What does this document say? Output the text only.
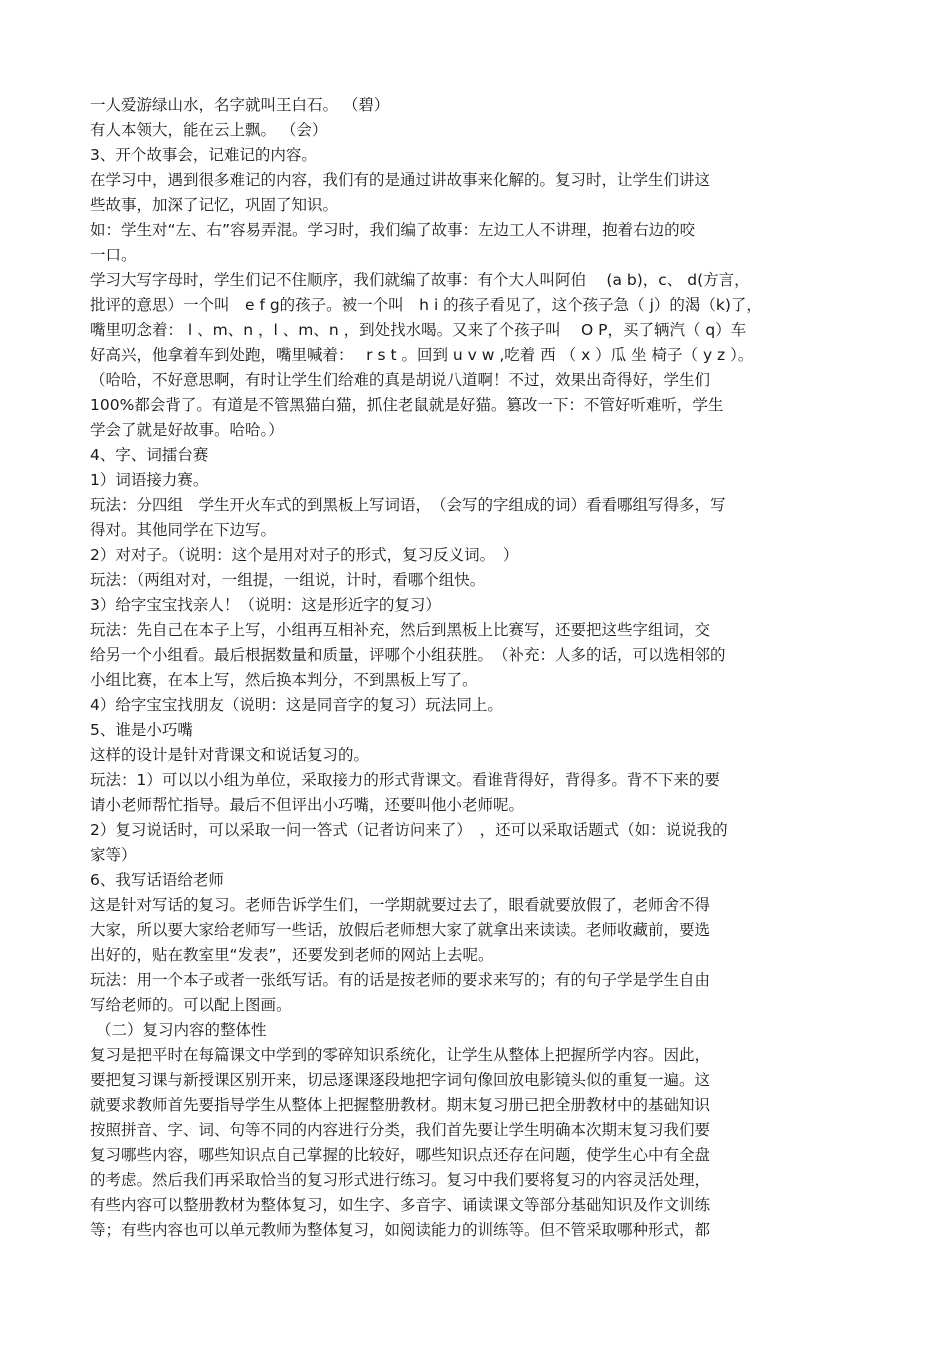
一人爱游绿山水，名字就叫王白石。 （碧）
有人本领大，能在云上飘。 （会）
3、开个故事会，记难记的内容。
在学习中，遇到很多难记的内容，我们有的是通过讲故事来化解的。复习时，让学生们讲这
些故事，加深了记忆，巩固了知识。
如：学生对“左、右”容易弄混。学习时，我们编了故事：左边工人不讲理，抱着右边的咬
一口。
学习大写字母时，学生们记不住顺序，我们就编了故事：有个大人叫阿伯　 (a b)，c、 d(方言，
批评的意思）一个叫　e f g的孩子。被一个叫　h i 的孩子看见了，这个孩子急（ j）的渴（k)了，
嘴里叨念着： l 、m、n ，l 、m、n ，到处找水喝。又来了个孩子叫　 O P，买了辆汽（ q）车
好高兴，他拿着车到处跑，嘴里喊着：　 r s t 。回到 u v w ,吃着 西 （ x ）瓜 坐 椅子（ y z ）。
（哈哈，不好意思啊，有时让学生们给难的真是胡说八道啊！不过，效果出奇得好，学生们
100%都会背了。有道是不管黑猫白猫，抓住老鼠就是好猫。篡改一下：不管好听难听，学生
学会了就是好故事。哈哈。）
4、字、词擂台赛
1）词语接力赛。
玩法：分四组　学生开火车式的到黑板上写词语，　（会写的字组成的词）看看哪组写得多，写
得对。其他同学在下边写。
2）对对子。（说明：这个是用对对子的形式，复习反义词。　）
玩法：（两组对对，一组提，一组说，计时，看哪个组快。
3）给字宝宝找亲人！（说明：这是形近字的复习）
玩法：先自己在本子上写，小组再互相补充，然后到黑板上比赛写，还要把这些字组词，交
给另一个小组看。最后根据数量和质量，评哪个小组获胜。　（补充：人多的话，可以选相邻的
小组比赛，在本上写，然后换本判分，不到黑板上写了。
4）给字宝宝找朋友（说明：这是同音字的复习）玩法同上。
5、谁是小巧嘴
这样的设计是针对背课文和说话复习的。
玩法：1）可以以小组为单位，采取接力的形式背课文。看谁背得好，背得多。背不下来的要
请小老师帮忙指导。最后不但评出小巧嘴，还要叫他小老师呢。
2）复习说话时，可以采取一问一答式（记者访问来了）　，还可以采取话题式（如：说说我的
家等）
6、我写话语给老师
这是针对写话的复习。老师告诉学生们，一学期就要过去了，眼看就要放假了，老师舍不得
大家，所以要大家给老师写一些话，放假后老师想大家了就拿出来读读。老师收藏前，要选
出好的，贴在教室里“发表”，还要发到老师的网站上去呢。
玩法：用一个本子或者一张纸写话。有的话是按老师的要求来写的；有的句子学是学生自由
写给老师的。可以配上图画。
（二）复习内容的整体性
复习是把平时在每篇课文中学到的零碎知识系统化，让学生从整体上把握所学内容。因此，
要把复习课与新授课区别开来，切忌逐课逐段地把字词句像回放电影镜头似的重复一遍。这
就要求教师首先要指导学生从整体上把握整册教材。期末复习册已把全册教材中的基础知识
按照拼音、字、词、句等不同的内容进行分类，我们首先要让学生明确本次期末复习我们要
复习哪些内容，哪些知识点自己掌握的比较好，哪些知识点还存在问题，使学生心中有全盘
的考虑。然后我们再采取恰当的复习形式进行练习。复习中我们要将复习的内容灵活处理，
有些内容可以整册教材为整体复习，如生字、多音字、诵读课文等部分基础知识及作文训练
等；有些内容也可以单元教师为整体复习，如阅读能力的训练等。但不管采取哪种形式，都
